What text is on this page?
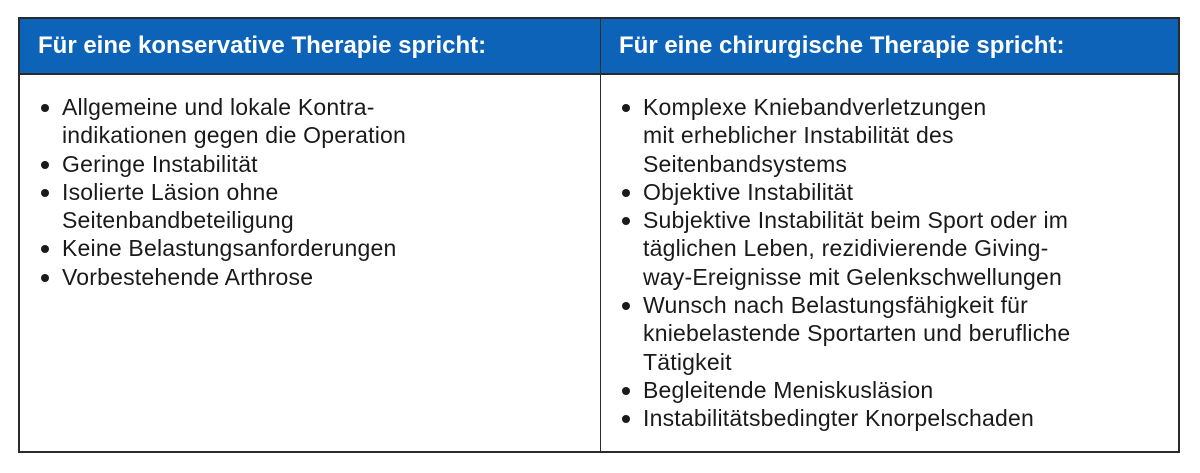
Für eine konservative Therapie spricht:	Für eine chirurgische Therapie spricht:
Allgemeine und lokale Kontra-
indikationen gegen die Operation
Geringe Instabilität
Isolierte Läsion ohne
Seitenbandbeteiligung
Keine Belastungsanforderungen
Vorbestehende Arthrose
Komplexe Kniebandverletzungen
mit erheblicher Instabilität des
Seitenbandsystems
Objektive Instabilität
Subjektive Instabilität beim Sport oder im
täglichen Leben, rezidivierende Giving-
way-Ereignisse mit Gelenkschwellungen
Wunsch nach Belastungsfähigkeit für
kniebelastende Sportarten und berufliche
Tätigkeit
Begleitende Meniskusläsion
Instabilitätsbedingter Knorpelschaden
